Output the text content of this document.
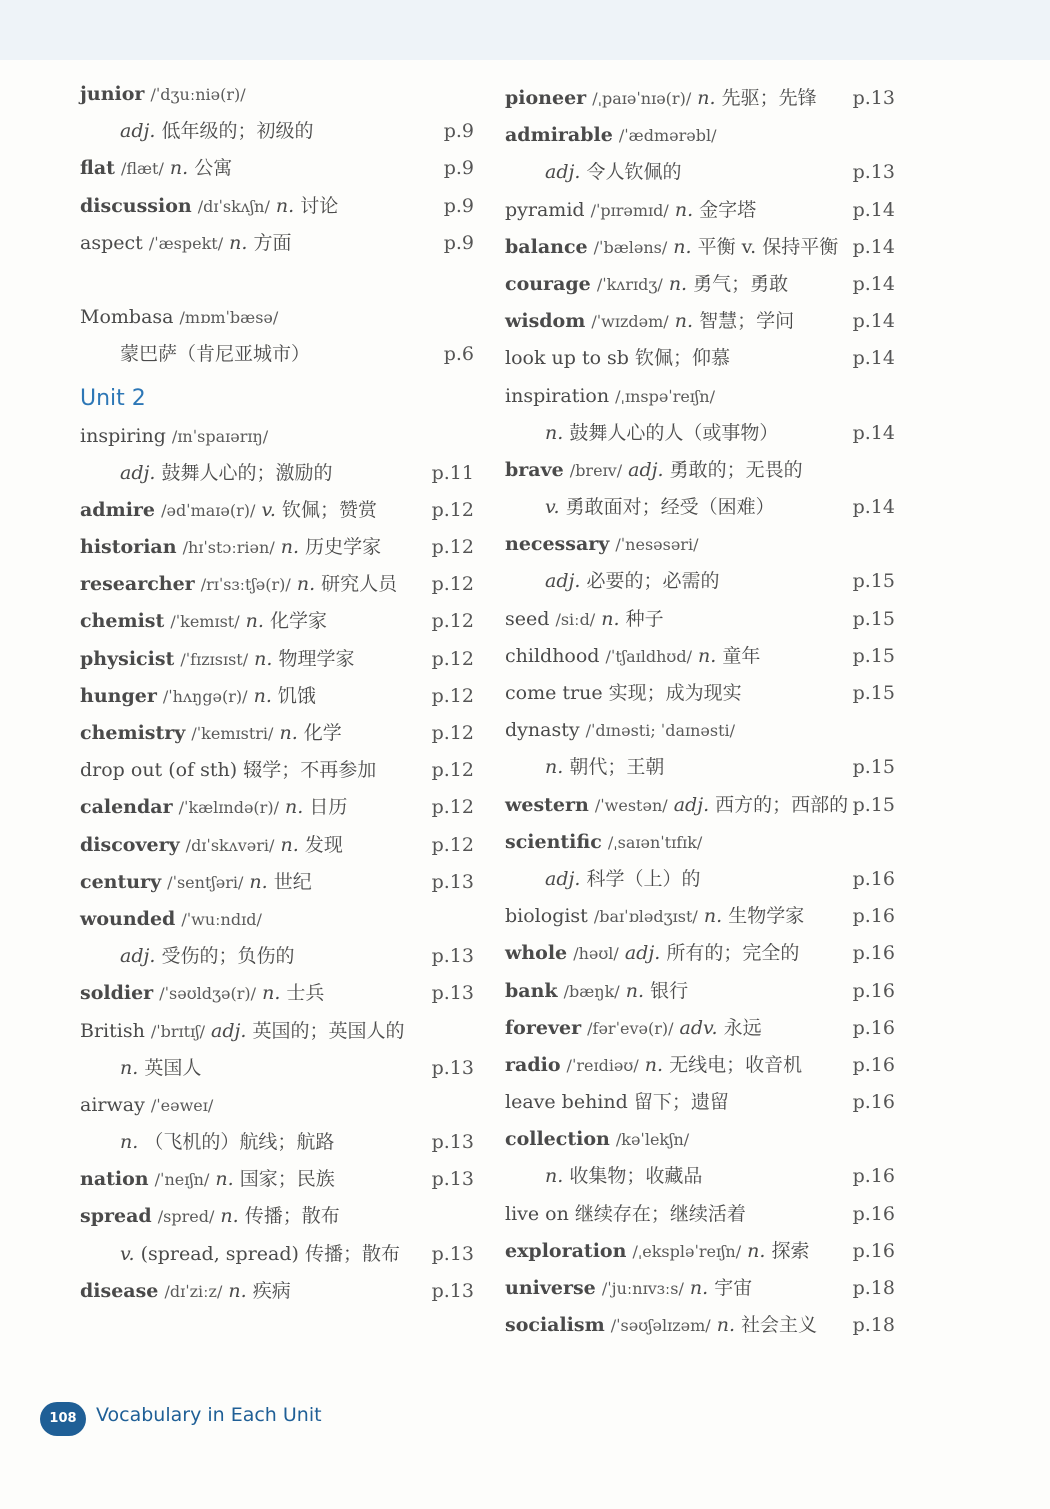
junior /ˈdʒuːniə(r)/
adj. 低年级的；初级的	p.9
flat /flæt/ n. 公寓	p.9
discussion /dɪˈskʌʃn/ n. 讨论	p.9
aspect /ˈæspekt/ n. 方面	p.9
Mombasa /mɒmˈbæsə/
蒙巴萨（肯尼亚城市）	p.6
Unit 2
inspiring /ɪnˈspaɪərɪŋ/
adj. 鼓舞人心的；激励的	p.11
admire /ədˈmaɪə(r)/ v. 钦佩；赞赏	p.12
historian /hɪˈstɔːriən/ n. 历史学家	p.12
researcher /rɪˈsɜːtʃə(r)/ n. 研究人员 p.12
chemist /ˈkemɪst/ n. 化学家	p.12
physicist /ˈfɪzɪsɪst/ n. 物理学家	p.12
hunger /ˈhʌŋgə(r)/ n. 饥饿	p.12
chemistry /ˈkemɪstri/ n. 化学	p.12
drop out (of sth) 辍学；不再参加	p.12
calendar /ˈkælɪndə(r)/ n. 日历	p.12
discovery /dɪˈskʌvəri/ n. 发现	p.12
century /ˈsentʃəri/ n. 世纪	p.13
wounded /ˈwuːndɪd/
adj. 受伤的；负伤的	p.13
soldier /ˈsəʊldʒə(r)/ n. 士兵	p.13
British /ˈbrɪtɪʃ/ adj. 英国的；英国人的
n. 英国人	p.13
airway /ˈeəweɪ/
n. （飞机的）航线；航路	p.13
nation /ˈneɪʃn/ n. 国家；民族	p.13
spread /spred/ n. 传播；散布
v. (spread, spread) 传播；散布 p.13
disease /dɪˈziːz/ n. 疾病	p.13
pioneer /ˌpaɪəˈnɪə(r)/ n. 先驱；先锋 p.13
admirable /ˈædmərəbl/
adj. 令人钦佩的	p.13
pyramid /ˈpɪrəmɪd/ n. 金字塔	p.14
balance /ˈbæləns/ n. 平衡 v. 保持平衡 p.14
courage /ˈkʌrɪdʒ/ n. 勇气；勇敢	p.14
wisdom /ˈwɪzdəm/ n. 智慧；学问	p.14
look up to sb 钦佩；仰慕	p.14
inspiration /ˌɪnspəˈreɪʃn/
n. 鼓舞人心的人（或事物）	p.14
brave /breɪv/ adj. 勇敢的；无畏的
v. 勇敢面对；经受（困难）	p.14
necessary /ˈnesəsəri/
adj. 必要的；必需的	p.15
seed /siːd/ n. 种子	p.15
childhood /ˈtʃaɪldhʊd/ n. 童年	p.15
come true 实现；成为现实	p.15
dynasty /ˈdɪnəsti; ˈdaɪnəsti/
n. 朝代；王朝	p.15
western /ˈwestən/ adj. 西方的；西部的 p.15
scientific /ˌsaɪənˈtɪfɪk/
adj. 科学（上）的	p.16
biologist /baɪˈɒlədʒɪst/ n. 生物学家	p.16
whole /həʊl/ adj. 所有的；完全的	p.16
bank /bæŋk/ n. 银行	p.16
forever /fərˈevə(r)/ adv. 永远	p.16
radio /ˈreɪdiəʊ/ n. 无线电；收音机	p.16
leave behind 留下；遗留	p.16
collection /kəˈlekʃn/
n. 收集物；收藏品	p.16
live on 继续存在；继续活着	p.16
exploration /ˌekspləˈreɪʃn/ n. 探索 p.16
universe /ˈjuːnɪvɜːs/ n. 宇宙	p.18
socialism /ˈsəʊʃəlɪzəm/ n. 社会主义 p.18
108	Vocabulary in Each Unit
